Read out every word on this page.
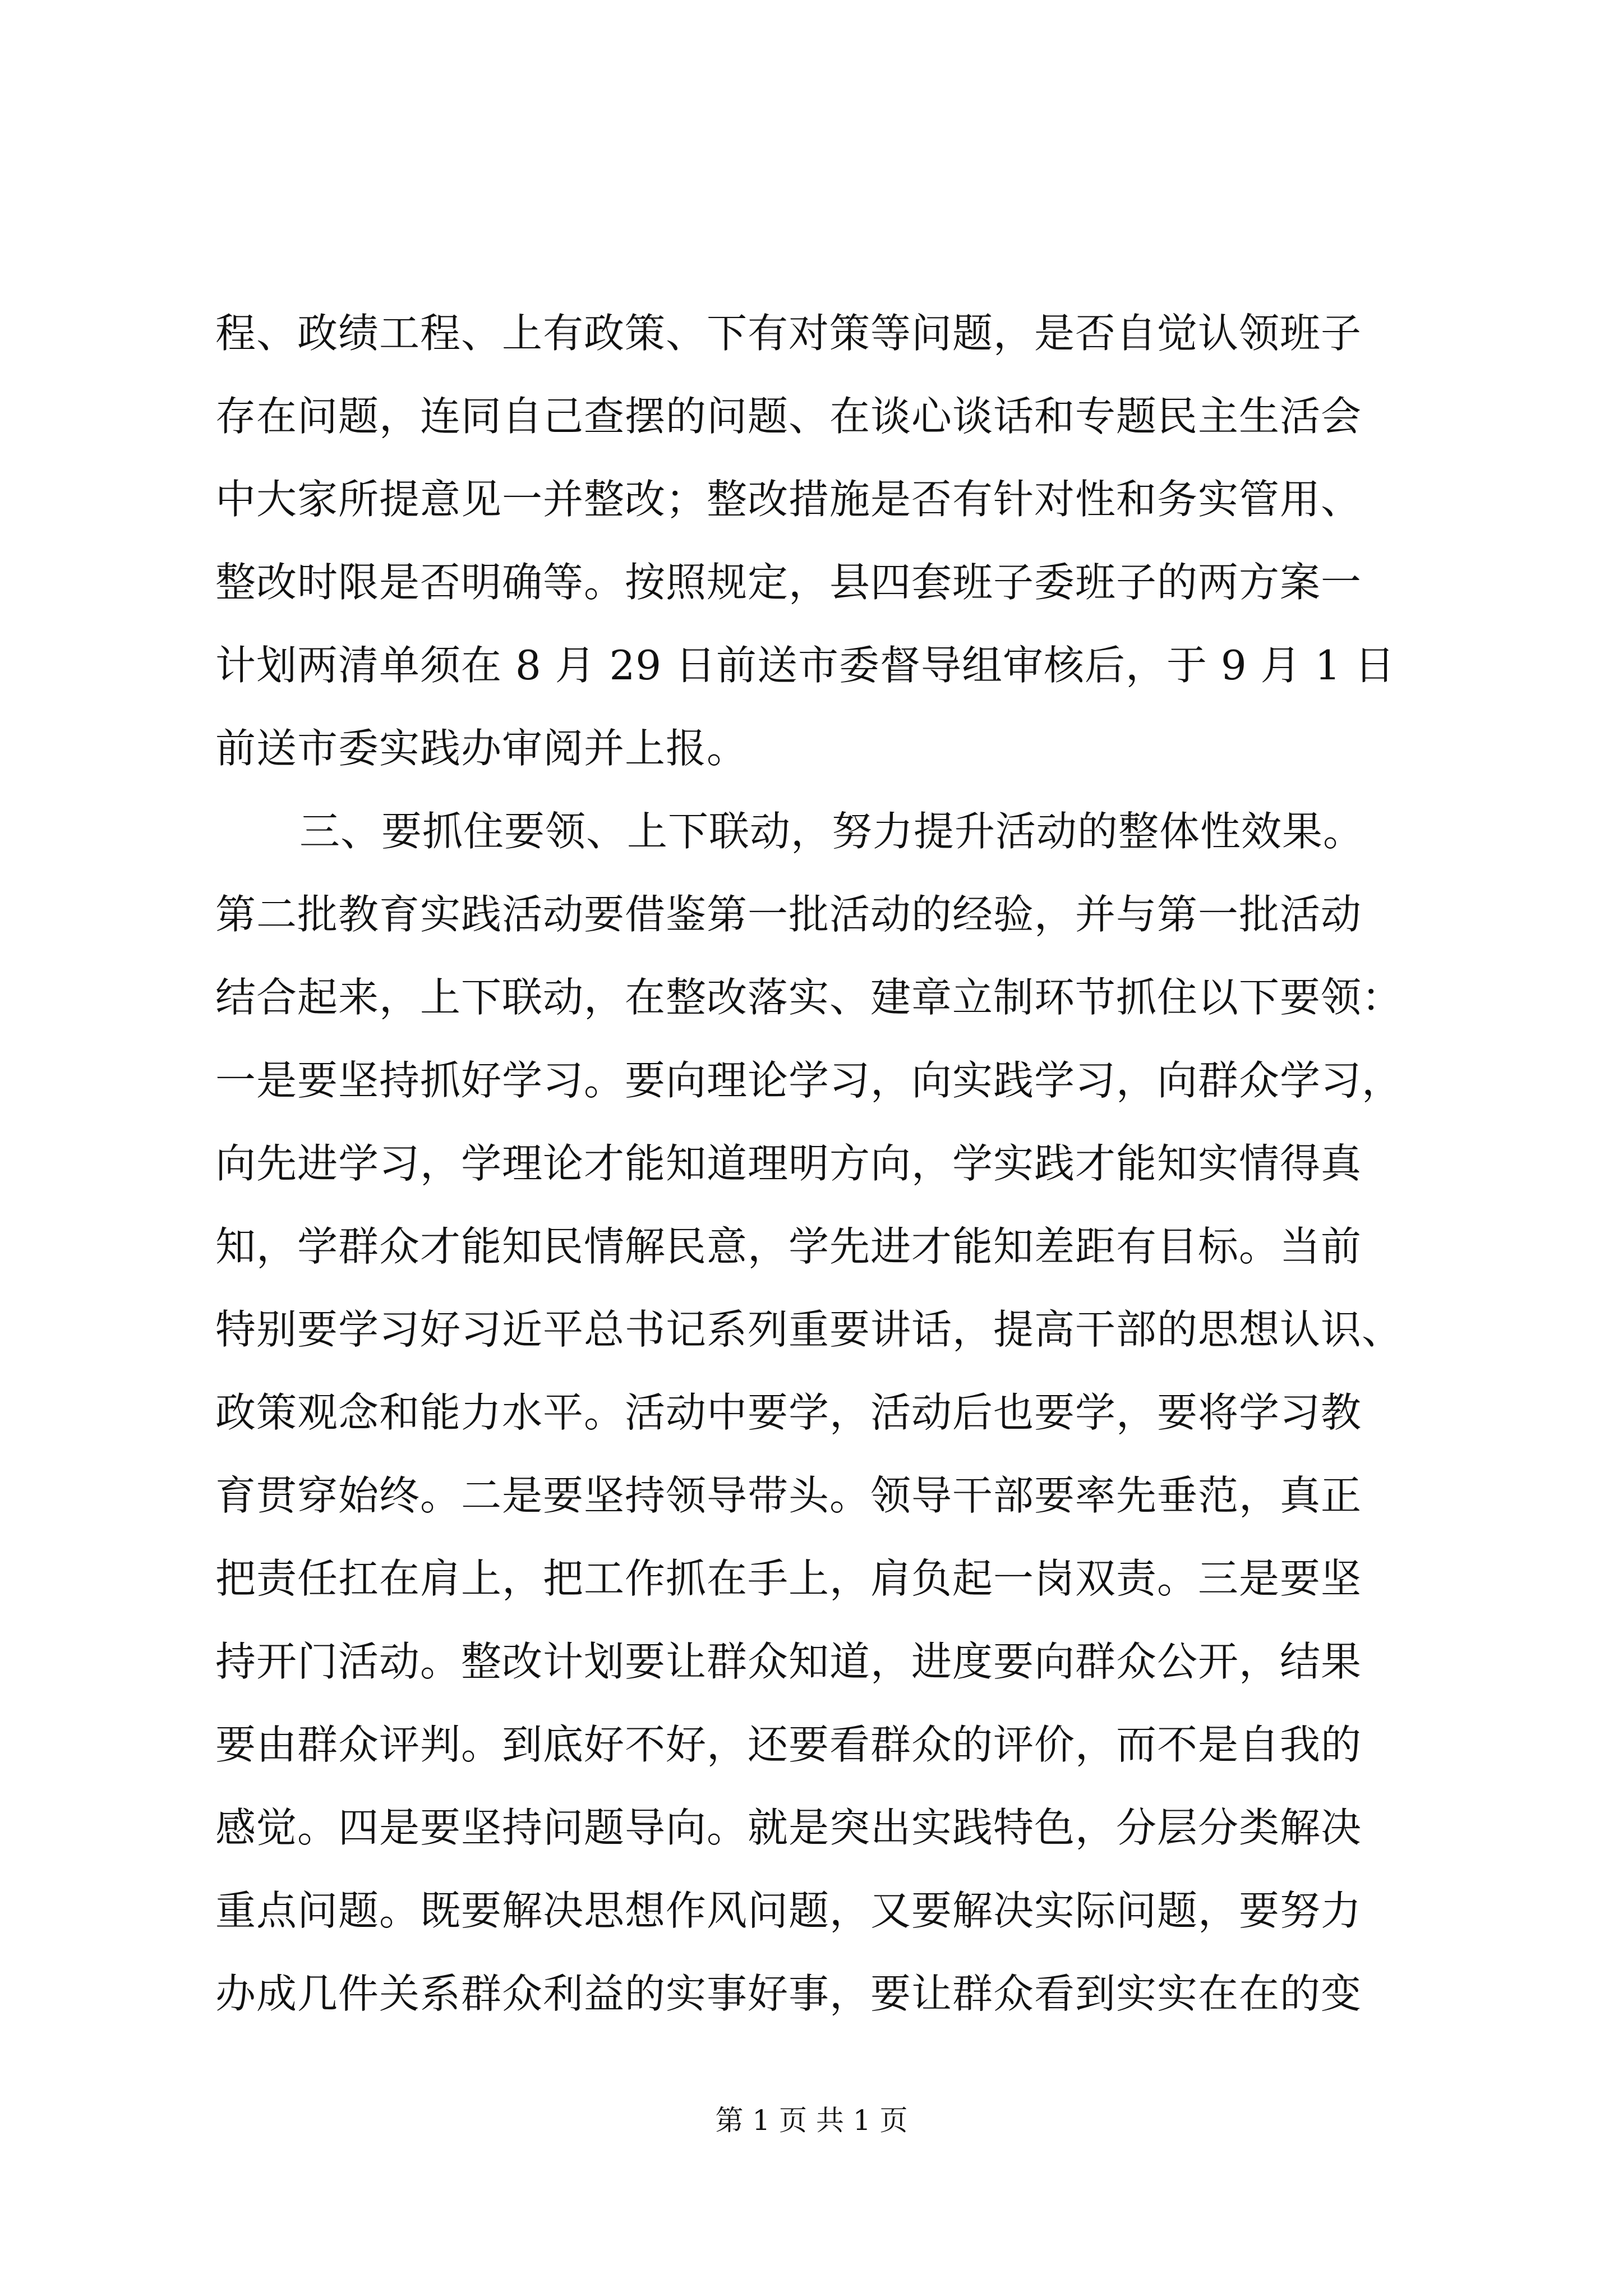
程、政绩工程、上有政策、下有对策等问题，是否自觉认领班子
存在问题，连同自己查摆的问题、在谈心谈话和专题民主生活会
中大家所提意见一并整改；整改措施是否有针对性和务实管用、
整改时限是否明确等。按照规定，县四套班子委班子的两方案一
计划两清单须在 8 月 29 日前送市委督导组审核后，于 9 月 1 日
前送市委实践办审阅并上报。
三、要抓住要领、上下联动，努力提升活动的整体性效果。
第二批教育实践活动要借鉴第一批活动的经验，并与第一批活动
结合起来，上下联动，在整改落实、建章立制环节抓住以下要领：
一是要坚持抓好学习。要向理论学习，向实践学习，向群众学习，
向先进学习，学理论才能知道理明方向，学实践才能知实情得真
知，学群众才能知民情解民意，学先进才能知差距有目标。当前
特别要学习好习近平总书记系列重要讲话，提高干部的思想认识、
政策观念和能力水平。活动中要学，活动后也要学，要将学习教
育贯穿始终。二是要坚持领导带头。领导干部要率先垂范，真正
把责任扛在肩上，把工作抓在手上，肩负起一岗双责。三是要坚
持开门活动。整改计划要让群众知道，进度要向群众公开，结果
要由群众评判。到底好不好，还要看群众的评价，而不是自我的
感觉。四是要坚持问题导向。就是突出实践特色，分层分类解决
重点问题。既要解决思想作风问题，又要解决实际问题，要努力
办成几件关系群众利益的实事好事，要让群众看到实实在在的变
第 1 页 共 1 页
